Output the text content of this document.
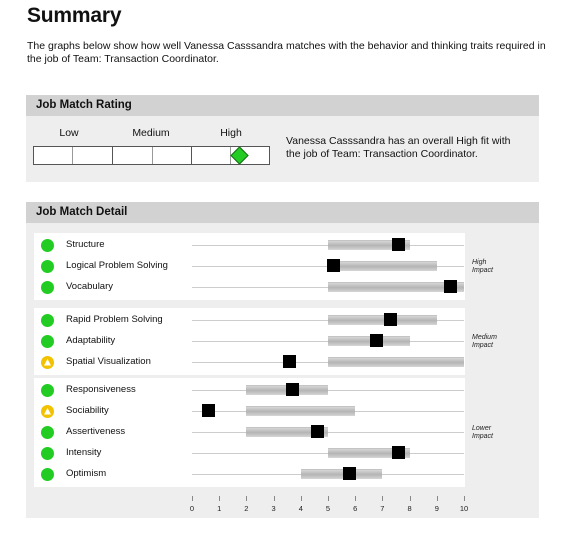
Summary
The graphs below show how well Vanessa Casssandra matches with the behavior and thinking traits required in the job of Team: Transaction Coordinator.
Job Match Rating
Low	Medium	High
Vanessa Casssandra has an overall High fit with the job of Team: Transaction Coordinator.
Job Match Detail
Structure
Logical Problem Solving
Vocabulary
High
Impact
Rapid Problem Solving
Adaptability
Spatial Visualization
Medium
Impact
Responsiveness
Sociability
Assertiveness
Intensity
Optimism
Lower
Impact
0	1	2	3	4	5	6	7	8	9	10
